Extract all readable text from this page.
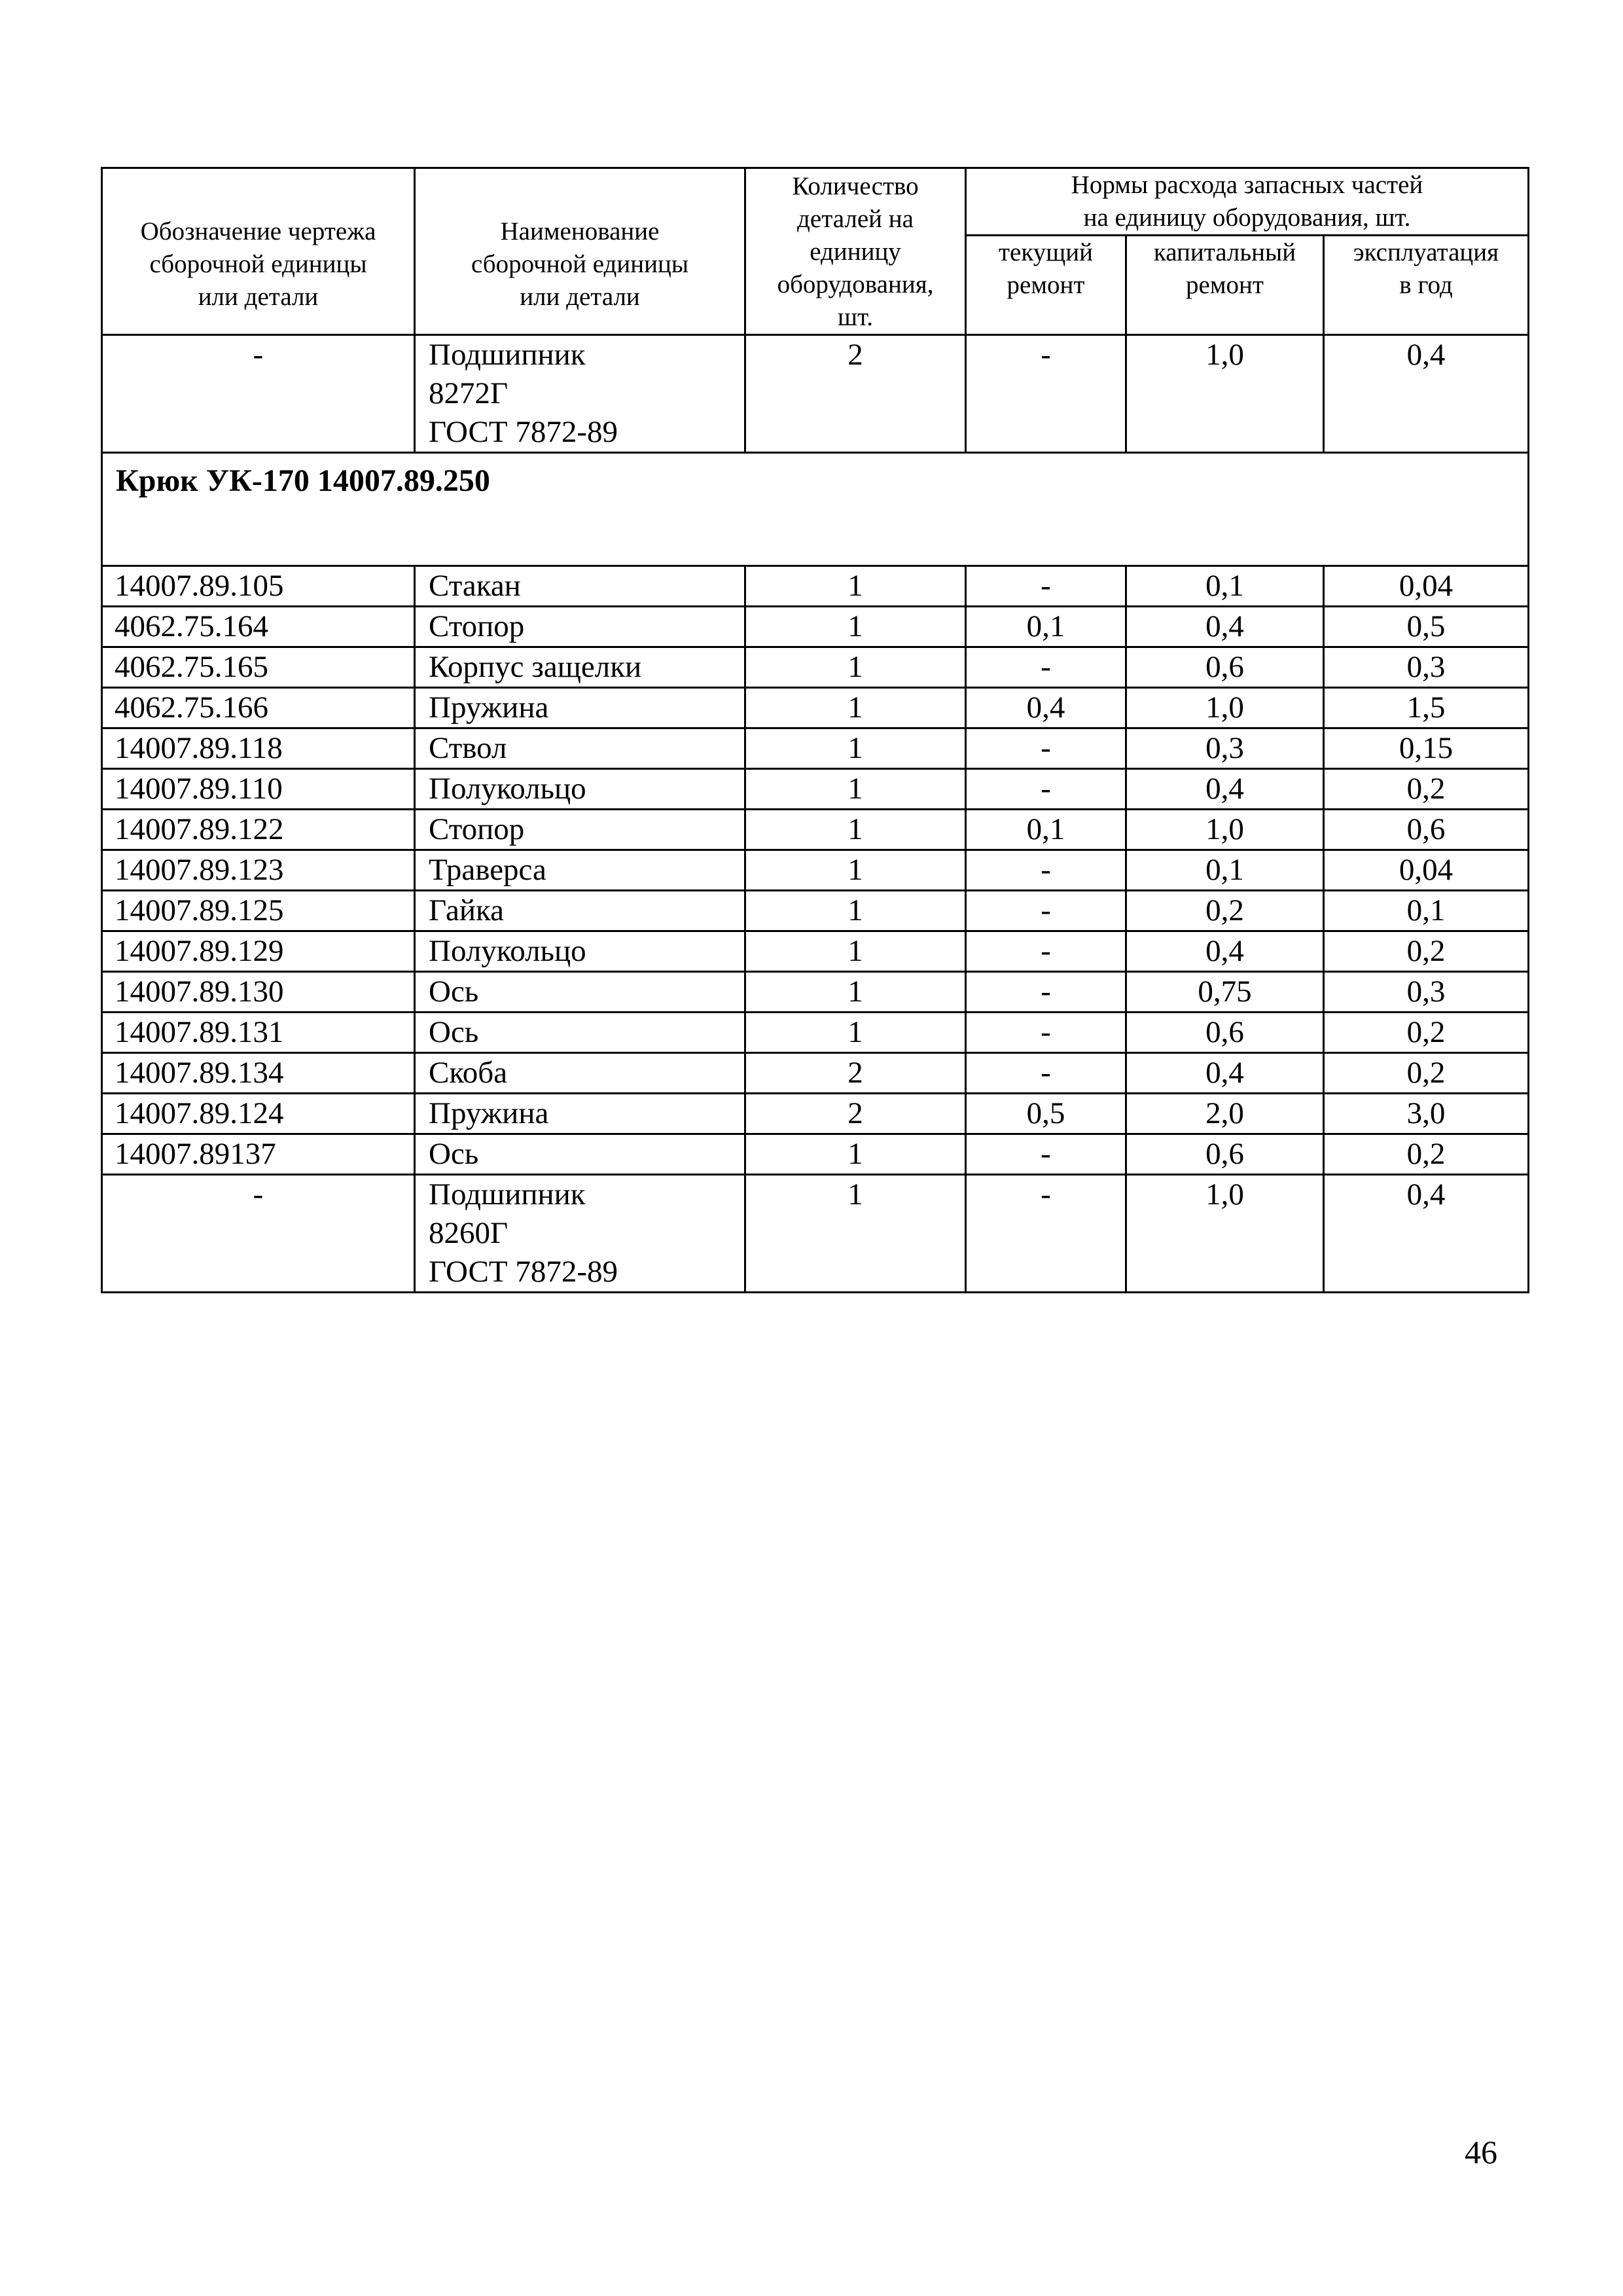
Обозначение чертежа
сборочной единицы
или детали	Наименование
сборочной единицы
или детали	Количество
деталей на
единицу
оборудования,
шт.	Нормы расхода запасных частей
на единицу оборудования, шт.		

			текущий
ремонт	капитальный
ремонт	эксплуатация
в год

-	Подшипник
8272Г
ГОСТ 7872-89	2	-	1,0	0,4
Крюк УК-170 14007.89.250					
14007.89.105	Стакан	1	-	0,1	0,04
4062.75.164	Стопор	1	0,1	0,4	0,5
4062.75.165	Корпус защелки	1	-	0,6	0,3
4062.75.166	Пружина	1	0,4	1,0	1,5
14007.89.118	Ствол	1	-	0,3	0,15
14007.89.110	Полукольцо	1	-	0,4	0,2
14007.89.122	Стопор	1	0,1	1,0	0,6
14007.89.123	Траверса	1	-	0,1	0,04
14007.89.125	Гайка	1	-	0,2	0,1
14007.89.129	Полукольцо	1	-	0,4	0,2
14007.89.130	Ось	1	-	0,75	0,3
14007.89.131	Ось	1	-	0,6	0,2
14007.89.134	Скоба	2	-	0,4	0,2
14007.89.124	Пружина	2	0,5	2,0	3,0
14007.89137	Ось	1	-	0,6	0,2
-	Подшипник
8260Г
ГОСТ 7872-89	1	-	1,0	0,4
46
